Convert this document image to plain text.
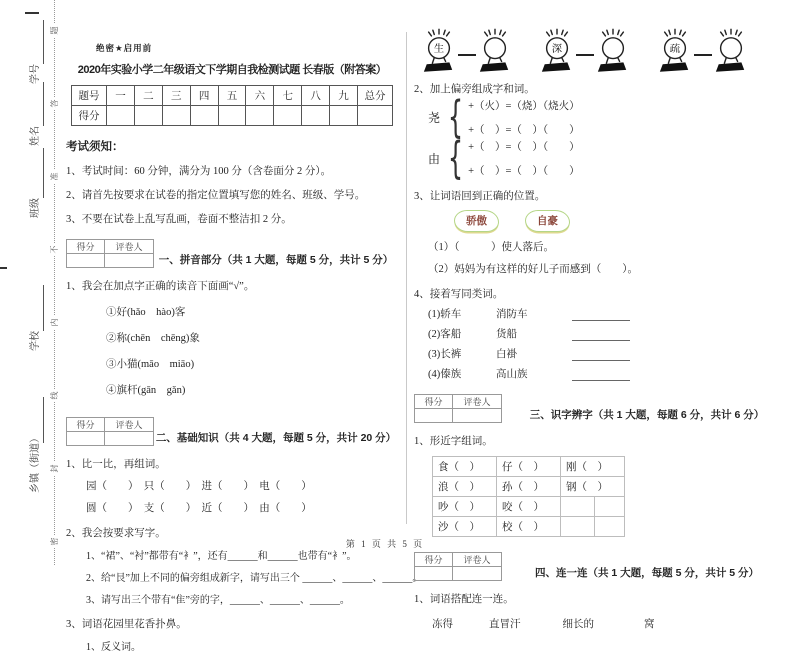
学号
姓名
班级
学校
乡镇（街道）
题
答
准
不
内
线
封
密
绝密★启用前
2020年实验小学二年级语文下学期自我检测试题 长春版（附答案）
题号	一	二	三	四	五	六	七	八	九	总分
得分										
考试须知：
1、考试时间：60 分钟，满分为 100 分（含卷面分 2 分）。
2、请首先按要求在试卷的指定位置填写您的姓名、班级、学号。
3、不要在试卷上乱写乱画，卷面不整洁扣 2 分。
得分	评卷人

一、拼音部分（共 1 大题，每题 5 分，共计 5 分）
1、我会在加点字正确的读音下面画“√”。
①好(hǎo　hào)客
②称(chēn　chēng)象
③小猫(māo　miāo)
④旗杆(gān　gǎn)
得分	评卷人

二、基础知识（共 4 大题，每题 5 分，共计 20 分）
1、比一比，再组词。
园（　　）　只（　　）　进（　　）　电（　　）
圆（　　）　支（　　）　近（　　）　由（　　）
2、我会按要求写字。
1、“裙”、“衬”都带有“衤”，还有______和______也带有“衤”。
2、给“艮”加上不同的偏旁组成新字，请写出三个 ______、______、______。
3、请写出三个带有“隹”旁的字，______、______、______。
3、词语花园里花香扑鼻。
1、反义词。
生	深	疏
2、加上偏旁组成字和词。
尧 { +（火）=（烧）（烧火）
+（　）=（　）（　　）
由 { +（　）=（　）（　　）
+（　）=（　）（　　）
3、让词语回到正确的位置。
骄傲	自豪
（1）（　　　）使人落后。
（2）妈妈为有这样的好儿子而感到（　　）。
4、接着写同类词。
(1)轿车	消防车
(2)客船	货船
(3)长裤	白褂
(4)傣族	高山族
得分	评卷人

三、识字辨字（共 1 大题，每题 6 分，共计 6 分）
1、形近字组词。
食（　）	仔（　）	刚（　）	
浪（　）	孙（　）	钢（　）	
吵（　）	咬（　）		
沙（　）	校（　）		
得分	评卷人

四、连一连（共 1 大题，每题 5 分，共计 5 分）
1、词语搭配连一连。
冻得	直冒汗	细长的	窝
第 1 页 共 5 页
